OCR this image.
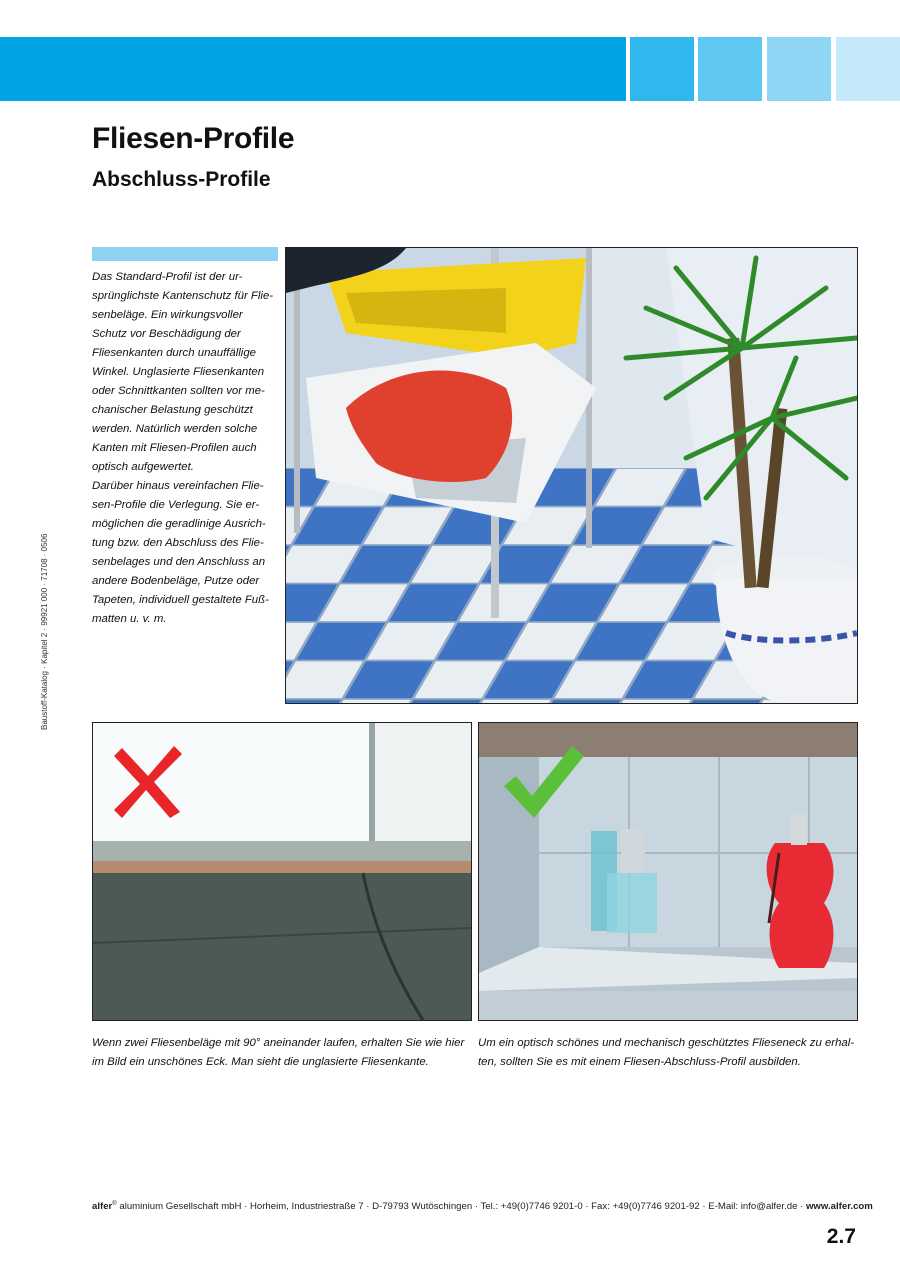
Fliesen-Profile
Abschluss-Profile
Das Standard-Profil ist der ur-
sprünglichste Kantenschutz für Flie-
senbeläge. Ein wirkungsvoller
Schutz vor Beschädigung der
Fliesenkanten durch unauffällige
Winkel. Unglasierte Fliesenkanten
oder Schnittkanten sollten vor me-
chanischer Belastung geschützt
werden. Natürlich werden solche
Kanten mit Fliesen-Profilen auch
optisch aufgewertet.
Darüber hinaus vereinfachen Flie-
sen-Profile die Verlegung. Sie er-
möglichen die geradlinige Ausrich-
tung bzw. den Abschluss des Flie-
senbelages und den Anschluss an
andere Bodenbeläge, Putze oder
Tapeten, individuell gestaltete Fuß-
matten u. v. m.
Baustoff-Katalog · Kapitel 2 · 99921 000 · 71708 · 0506
Wenn zwei Fliesenbeläge mit 90° aneinander laufen, erhalten Sie wie hier
im Bild ein unschönes Eck. Man sieht die unglasierte Fliesenkante.
Um ein optisch schönes und mechanisch geschütztes Flieseneck zu erhal-
ten, sollten Sie es mit einem Fliesen-Abschluss-Profil ausbilden.
alfer® aluminium Gesellschaft mbH · Horheim, Industriestraße 7 · D-79793 Wutöschingen · Tel.: +49(0)7746 9201-0 · Fax: +49(0)7746 9201-92 · E-Mail: info@alfer.de · www.alfer.com
2.7
